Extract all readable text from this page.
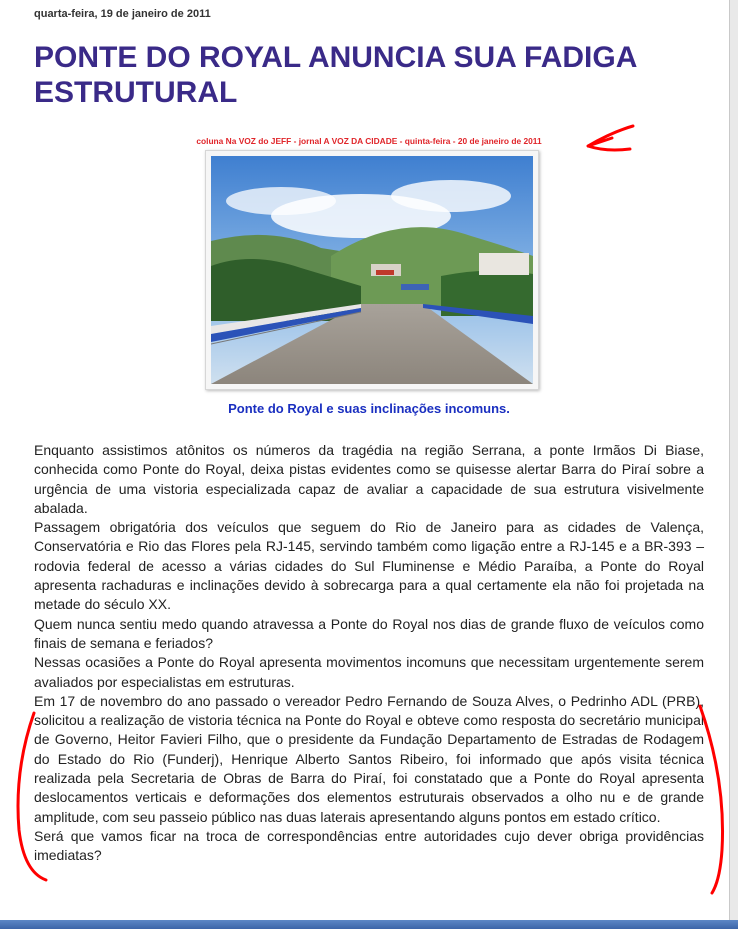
quarta-feira, 19 de janeiro de 2011
PONTE DO ROYAL ANUNCIA SUA FADIGA ESTRUTURAL
coluna Na VOZ do JEFF - jornal A VOZ DA CIDADE - quinta-feira - 20 de janeiro de 2011
Ponte do Royal e suas inclinações incomuns.

Enquanto assistimos atônitos os números da tragédia na região Serrana, a ponte Irmãos Di Biase, conhecida como Ponte do Royal, deixa pistas evidentes como se quisesse alertar Barra do Piraí sobre a urgência de uma vistoria especializada capaz de avaliar a capacidade de sua estrutura visivelmente abalada.

Passagem obrigatória dos veículos que seguem do Rio de Janeiro para as cidades de Valença, Conservatória e Rio das Flores pela RJ-145, servindo também como ligação entre a RJ-145 e a BR-393 – rodovia federal de acesso a várias cidades do Sul Fluminense e Médio Paraíba, a Ponte do Royal apresenta rachaduras e inclinações devido à sobrecarga para a qual certamente ela não foi projetada na metade do século XX.

Quem nunca sentiu medo quando atravessa a Ponte do Royal nos dias de grande fluxo de veículos como finais de semana e feriados?

Nessas ocasiões a Ponte do Royal apresenta movimentos incomuns que necessitam urgentemente serem avaliados por especialistas em estruturas.

Em 17 de novembro do ano passado o vereador Pedro Fernando de Souza Alves, o Pedrinho ADL (PRB), solicitou a realização de vistoria técnica na Ponte do Royal e obteve como resposta do secretário municipal de Governo, Heitor Favieri Filho, que o presidente da Fundação Departamento de Estradas de Rodagem do Estado do Rio (Funderj), Henrique Alberto Santos Ribeiro, foi informado que após visita técnica realizada pela Secretaria de Obras de Barra do Piraí, foi constatado que a Ponte do Royal apresenta deslocamentos verticais e deformações dos elementos estruturais observados a olho nu e de grande amplitude, com seu passeio público nas duas laterais apresentando alguns pontos em estado crítico.

Será que vamos ficar na troca de correspondências entre autoridades cujo dever obriga providências imediatas?
